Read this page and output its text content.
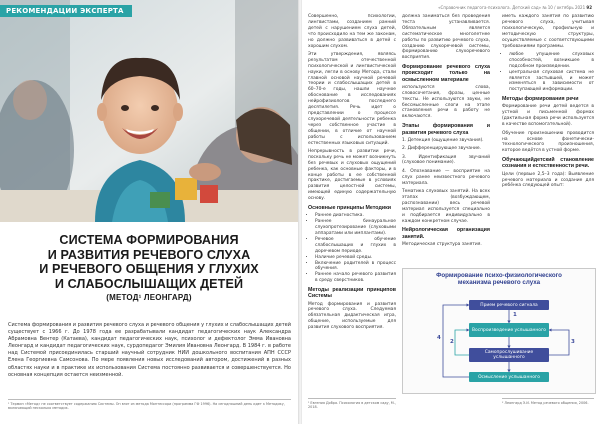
РЕКОМЕНДАЦИИ ЭКСПЕРТА
СИСТЕМА ФОРМИРОВАНИЯ
И РАЗВИТИЯ РЕЧЕВОГО СЛУХА
И РЕЧЕВОГО ОБЩЕНИЯ У ГЛУХИХ
И СЛАБОСЛЫШАЩИХ ДЕТЕЙ
(МЕТОД¹ ЛЕОНГАРД)
Система формирования и развития речевого слуха и речевого общения у глухих и слабослышащих детей существует с 1966 г. До 1978 года ее разрабатывали кандидат педагогических наук Александра Абрамовна Вентер (Катаева), кандидат педагогических наук, психолог и дефектолог Эмма Ивановна Леонгард и кандидат педагогических наук, сурдопедагог Эмилия Ивановна Леонгард. В 1984 г. в работе над Системой присоединилась старший научный сотрудник НИИ дошкольного воспитания АПН СССР Елена Георгиевна Самсонова. По мере появления новых исследований автором, достижений в разных областях науки и в практике их использования Система постоянно развивается и совершенствуется. Но основная концепция остается неизменной.
¹ Термин «Метод» не соответствует содержанию Системы. Он взят из метода Монтессори (программа ГФ 1996). На сегодняшний день идет к Методику, включающий несколько методик.
«Справочник педагога-психолога. Детский сад» № 10 / октябрь 2021 92

Совершенно, психологии, лингвистами, созданием ранний детей с нарушением слуха детей, что происходило на тем же законам, но должно развиваться в детей с хорошим слухом.

Эти утверждения, являясь результатом отечественной психологической и лингвистической науки, легли в основу Метода, стали главной основой научной речевой теории и слабослышащих детей в 60–70-е годы, нашли научное обоснование в исследованиях нейрофизиологов последнего десятилетия. Речь идет о представлении о процессе слухоречевой деятельности ребенка через собственное участие в общении, в отличие от научной работы с использованием естественных языковых ситуаций.

Непрерывность в развитии речи, поскольку речь не может возникнуть без речевых и слуховых ощущений ребенка, как основные факторы, и в конце работы в ее собственной практике, достигаемые в условиях развития целостной системы, имеющей единую содержательную основу.

Основные принципы Методики
• Раннее диагностика.
• Раннее бинауральное слухопротезирование (слуховыми аппаратами или имплантами).
• Речевое обучение слабослышащих и глухих в доречевом периоде.
• Наличие речевой среды.
• Включение родителей в процесс обучения.
• Раннее начало речевого развития в среду сверстников.
Методы реализации принципов Системы

Метод формирования и развития речевого слуха. Следуемая обязательная дидактическая игра, общение, используемые для развития слухового восприятия.

должна заниматься без проведения теста устанавливается. Обязательным является систематическое многолетнее работы по развитию речевого слуха, созданию слухоречевой системы, формированию слухоречевого восприятия.

Формирование речевого слуха происходит только на осмысленном материале

используются слова, словосочетания, фразы, ценные тексты. Не используются звуки, не бессмысленные слоги на этапе становления речи в работу не включаются.

Этапы формирования и развития речевого слуха

1. Детекция (ощущение звучания).

2. Дифференцирующее звучание.

3. Идентификация звучаний (слуховое понимание).

4. Опознавание — восприятие на слух ранее неизвестного речевого материала.

Тематика слуховых занятий. На всех этапах (возбуждающем, распознавании) весь речевой материал используется специально и подбирается индивидуально в каждом конкретном случае.

Нейрологическая организация занятий.

Методическая структура занятия.

иметь каждого занятия по развитию речевого слуха, учитывая психологическую, профильную и методическую структуры, осуществляемые с соответствующими требованиями программы.

• любое упущение слуховых способностей, возникшее в подсобном произведении.
• центральная слуховая система не является застывшей, и может изменяться в зависимости от поступающей информации.
Методы формирования речи

Формирование речи детей ведется в устной и письменной формах (дактильная форма речи используется в качестве вспомогательной).

Обучение произношению проводится на основе фонетически-технологического произношения, которое ведётся в устной форме.

Обучающийдетский становление сознания и естественности речи.

Цели (первые 2,5–3 года): Выявление речевого материала и создание для ребёнка следующей опыт:

Формирование психо-физиологического
механизма речевого слуха
Прием речевого сигнала
Воспроизведение услышанного
Самопрослушивание услышанного
Осмысление услышанного
4
2	3
1
¹ Евгения Добра. Психология в детском саду, М., 2018.
² Леонгард Э.И. Метод речевого общения, 2006.
